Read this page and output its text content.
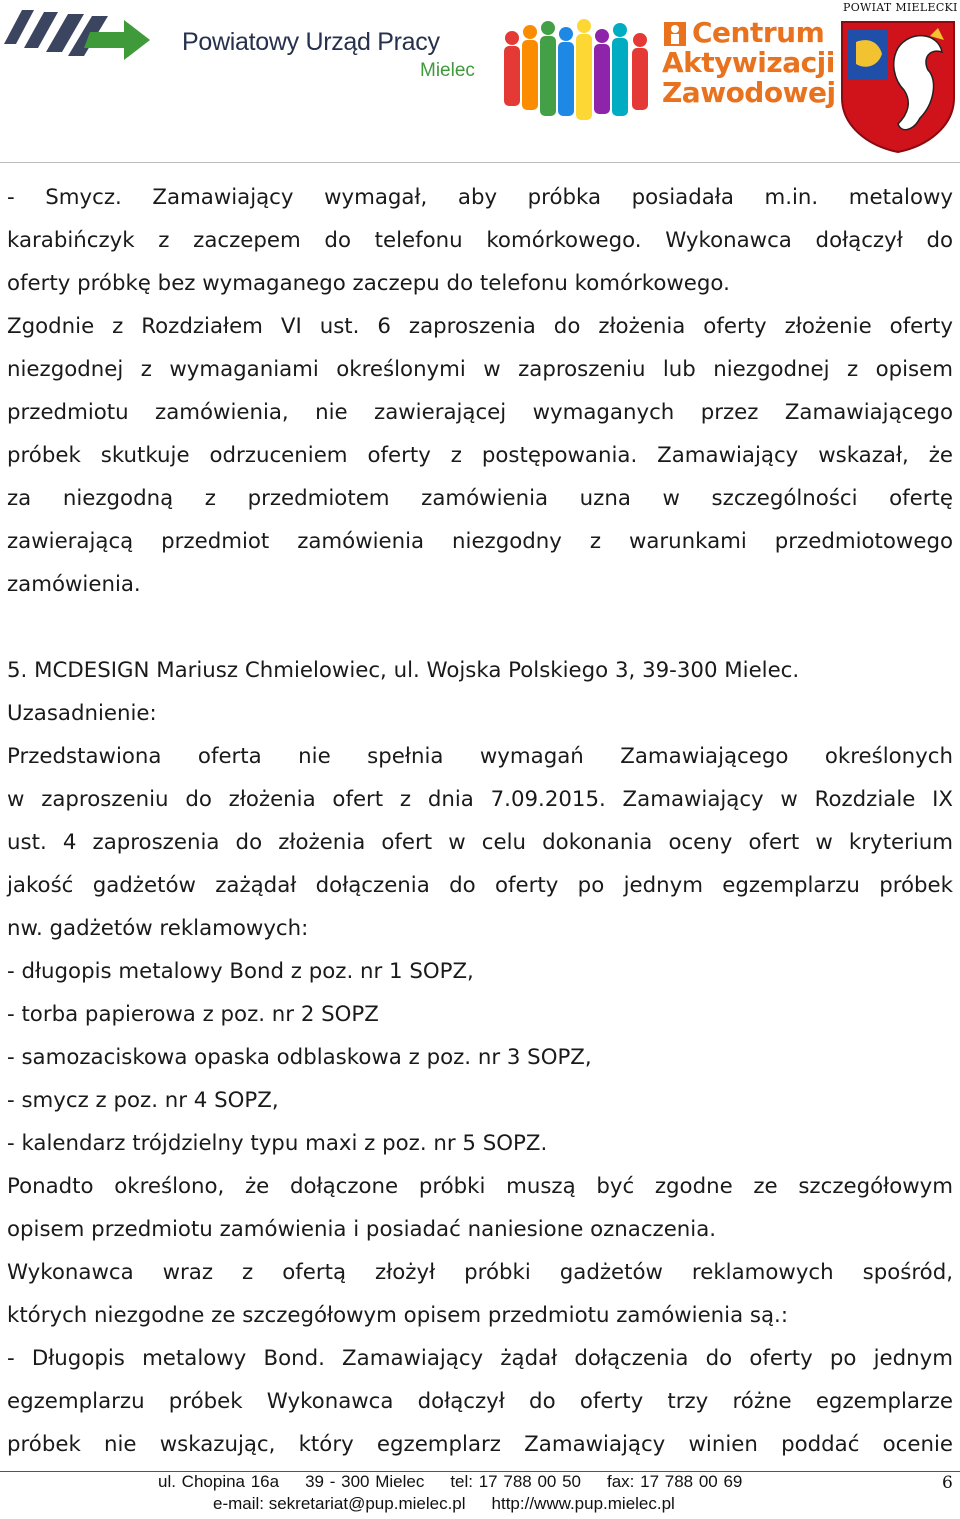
Powiatowy Urząd Pracy
Mielec
Centrum
Aktywizacji
Zawodowej
POWIAT MIELECKI

- Smycz. Zamawiający wymagał, aby próbka posiadała m.in. metalowy

karabińczyk z zaczepem do telefonu komórkowego. Wykonawca dołączył do

oferty próbkę bez wymaganego zaczepu do telefonu komórkowego.

Zgodnie z Rozdziałem VI ust. 6 zaproszenia do złożenia oferty złożenie oferty

niezgodnej z wymaganiami określonymi w zaproszeniu lub niezgodnej z opisem

przedmiotu zamówienia, nie zawierającej wymaganych przez Zamawiającego

próbek skutkuje odrzuceniem oferty z postępowania. Zamawiający wskazał, że

za niezgodną z przedmiotem zamówienia uzna w szczególności ofertę

zawierającą przedmiot zamówienia niezgodny z warunkami przedmiotowego

zamówienia.

5. MCDESIGN Mariusz Chmielowiec, ul. Wojska Polskiego 3, 39-300 Mielec.

Uzasadnienie:

Przedstawiona oferta nie spełnia wymagań Zamawiającego określonych

w zaproszeniu do złożenia ofert z dnia 7.09.2015. Zamawiający w Rozdziale IX

ust. 4 zaproszenia do złożenia ofert w celu dokonania oceny ofert w kryterium

jakość gadżetów zażądał dołączenia do oferty po jednym egzemplarzu próbek

nw. gadżetów reklamowych:

- długopis metalowy Bond z poz. nr 1 SOPZ,

- torba papierowa z poz. nr 2 SOPZ

- samozaciskowa opaska odblaskowa z poz. nr 3 SOPZ,

- smycz z poz. nr 4 SOPZ,

- kalendarz trójdzielny typu maxi z poz. nr 5 SOPZ.

Ponadto określono, że dołączone próbki muszą być zgodne ze szczegółowym

opisem przedmiotu zamówienia i posiadać naniesione oznaczenia.

Wykonawca wraz z ofertą złożył próbki gadżetów reklamowych spośród,

których niezgodne ze szczegółowym opisem przedmiotu zamówienia są.:

- Długopis metalowy Bond. Zamawiający żądał dołączenia do oferty po jednym

egzemplarzu próbek Wykonawca dołączył do oferty trzy różne egzemplarze

próbek nie wskazując, który egzemplarz Zamawiający winien poddać ocenie

ul. Chopina 16a 39 - 300 Mielec tel: 17 788 00 50 fax: 17 788 00 69
e-mail: sekretariat@pup.mielec.pl http://www.pup.mielec.pl
6
